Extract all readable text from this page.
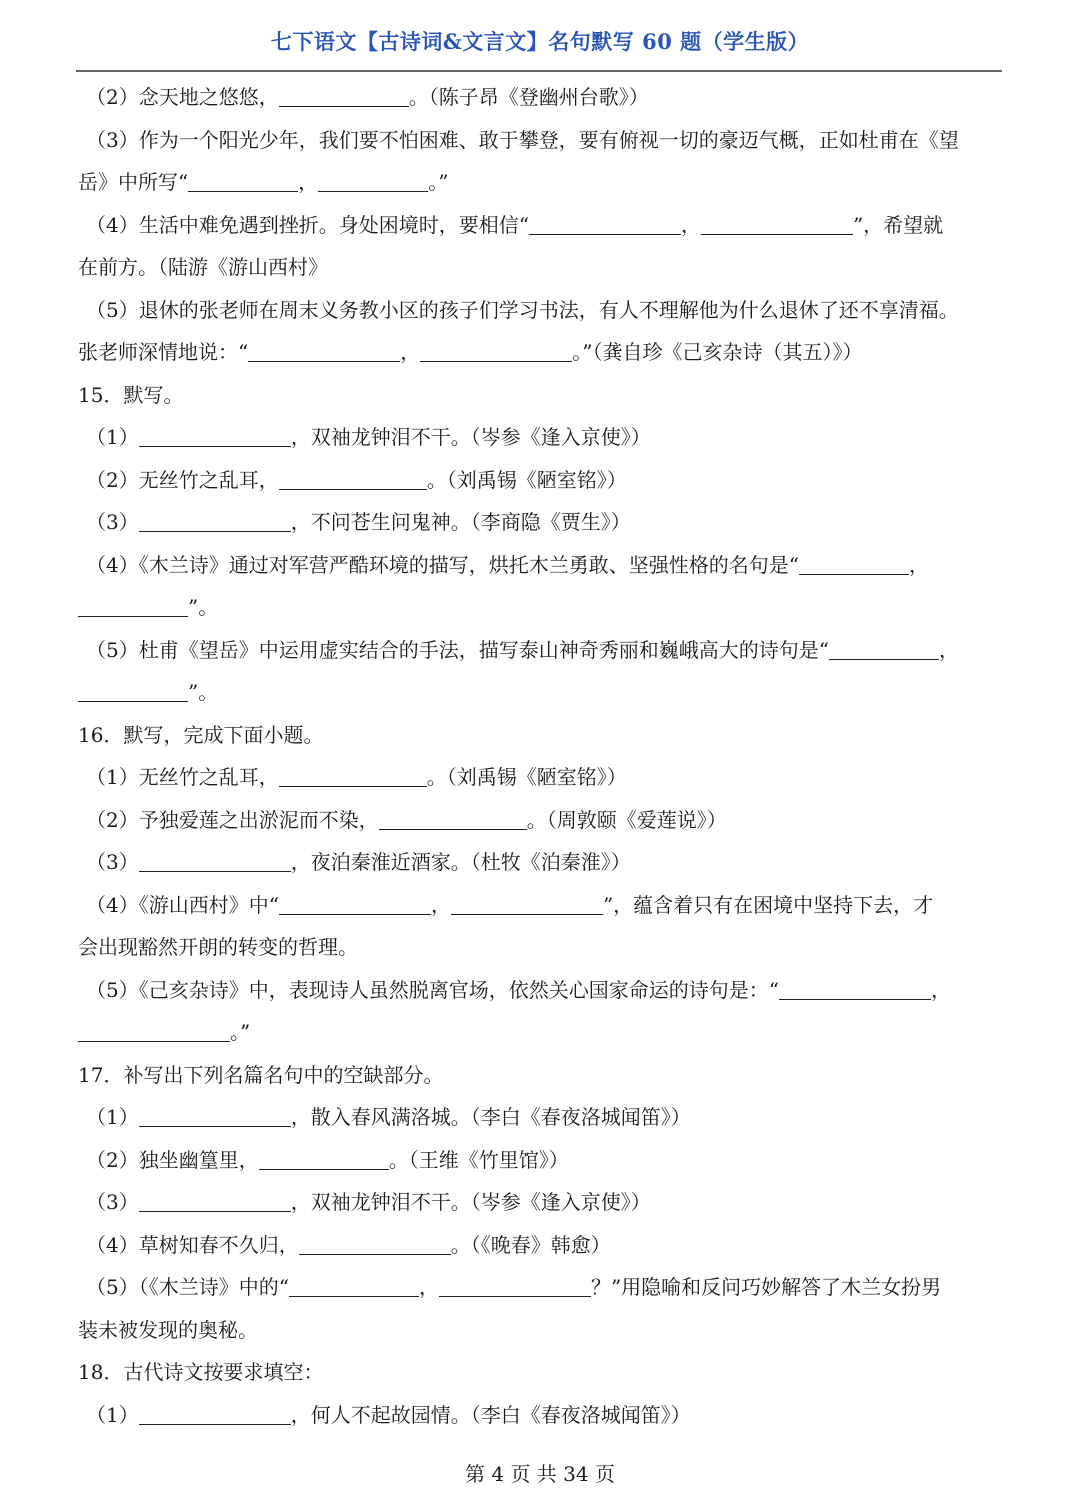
七下语文【古诗词&文言文】名句默写 60 题（学生版）
（2）念天地之悠悠，	。（陈子昂《登幽州台歌》）
（3）作为一个阳光少年，我们要不怕困难、敢于攀登，要有俯视一切的豪迈气概，正如杜甫在《望
岳》中所写“	，	。”
（4）生活中难免遇到挫折。身处困境时，要相信“	，	”，希望就
在前方。（陆游《游山西村》
（5）退休的张老师在周末义务教小区的孩子们学习书法，有人不理解他为什么退休了还不享清福。
张老师深情地说：“	，	。”（龚自珍《己亥杂诗（其五）》）
15．默写。
（1）	，双袖龙钟泪不干。（岑参《逢入京使》）
（2）无丝竹之乱耳，	。（刘禹锡《陋室铭》）
（3）	，不问苍生问鬼神。（李商隐《贾生》）
（4）《木兰诗》通过对军营严酷环境的描写，烘托木兰勇敢、坚强性格的名句是“	，
”。
（5）杜甫《望岳》中运用虚实结合的手法，描写泰山神奇秀丽和巍峨高大的诗句是“	，
”。
16．默写，完成下面小题。
（1）无丝竹之乱耳，	。（刘禹锡《陋室铭》）
（2）予独爱莲之出淤泥而不染，	。（周敦颐《爱莲说》）
（3）	，夜泊秦淮近酒家。（杜牧《泊秦淮》）
（4）《游山西村》中“	，	”，蕴含着只有在困境中坚持下去，才
会出现豁然开朗的转变的哲理。
（5）《己亥杂诗》中，表现诗人虽然脱离官场，依然关心国家命运的诗句是：“	，
。”
17．补写出下列名篇名句中的空缺部分。
（1）	，散入春风满洛城。（李白《春夜洛城闻笛》）
（2）独坐幽篁里，	。（王维《竹里馆》）
（3）	，双袖龙钟泪不干。（岑参《逢入京使》）
（4）草树知春不久归，	。（《晚春》韩愈）
（5）（《木兰诗》中的“	，	？”用隐喻和反问巧妙解答了木兰女扮男
装未被发现的奥秘。
18．古代诗文按要求填空：
（1）	，何人不起故园情。（李白《春夜洛城闻笛》）
第 4 页 共 34 页
